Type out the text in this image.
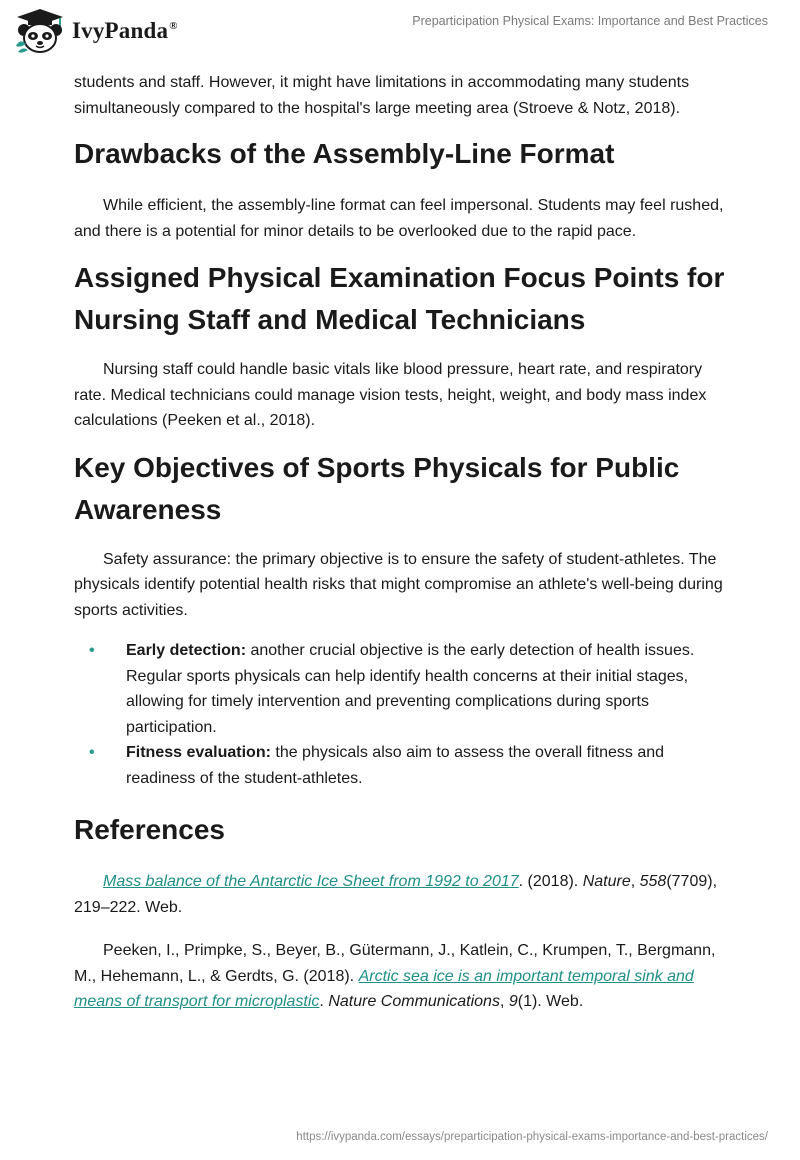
IvyPanda®	Preparticipation Physical Exams: Importance and Best Practices

students and staff. However, it might have limitations in accommodating many students simultaneously compared to the hospital's large meeting area (Stroeve & Notz, 2018).

Drawbacks of the Assembly-Line Format

While efficient, the assembly-line format can feel impersonal. Students may feel rushed, and there is a potential for minor details to be overlooked due to the rapid pace.

Assigned Physical Examination Focus Points for Nursing Staff and Medical Technicians

Nursing staff could handle basic vitals like blood pressure, heart rate, and respiratory rate. Medical technicians could manage vision tests, height, weight, and body mass index calculations (Peeken et al., 2018).

Key Objectives of Sports Physicals for Public Awareness

Safety assurance: the primary objective is to ensure the safety of student-athletes. The physicals identify potential health risks that might compromise an athlete's well-being during sports activities.

• Early detection: another crucial objective is the early detection of health issues. Regular sports physicals can help identify health concerns at their initial stages, allowing for timely intervention and preventing complications during sports participation.
• Fitness evaluation: the physicals also aim to assess the overall fitness and readiness of the student-athletes.
References

Mass balance of the Antarctic Ice Sheet from 1992 to 2017. (2018). Nature, 558(7709), 219–222. Web.

Peeken, I., Primpke, S., Beyer, B., Gütermann, J., Katlein, C., Krumpen, T., Bergmann, M., Hehemann, L., & Gerdts, G. (2018). Arctic sea ice is an important temporal sink and means of transport for microplastic. Nature Communications, 9(1). Web.

https://ivypanda.com/essays/preparticipation-physical-exams-importance-and-best-practices/
